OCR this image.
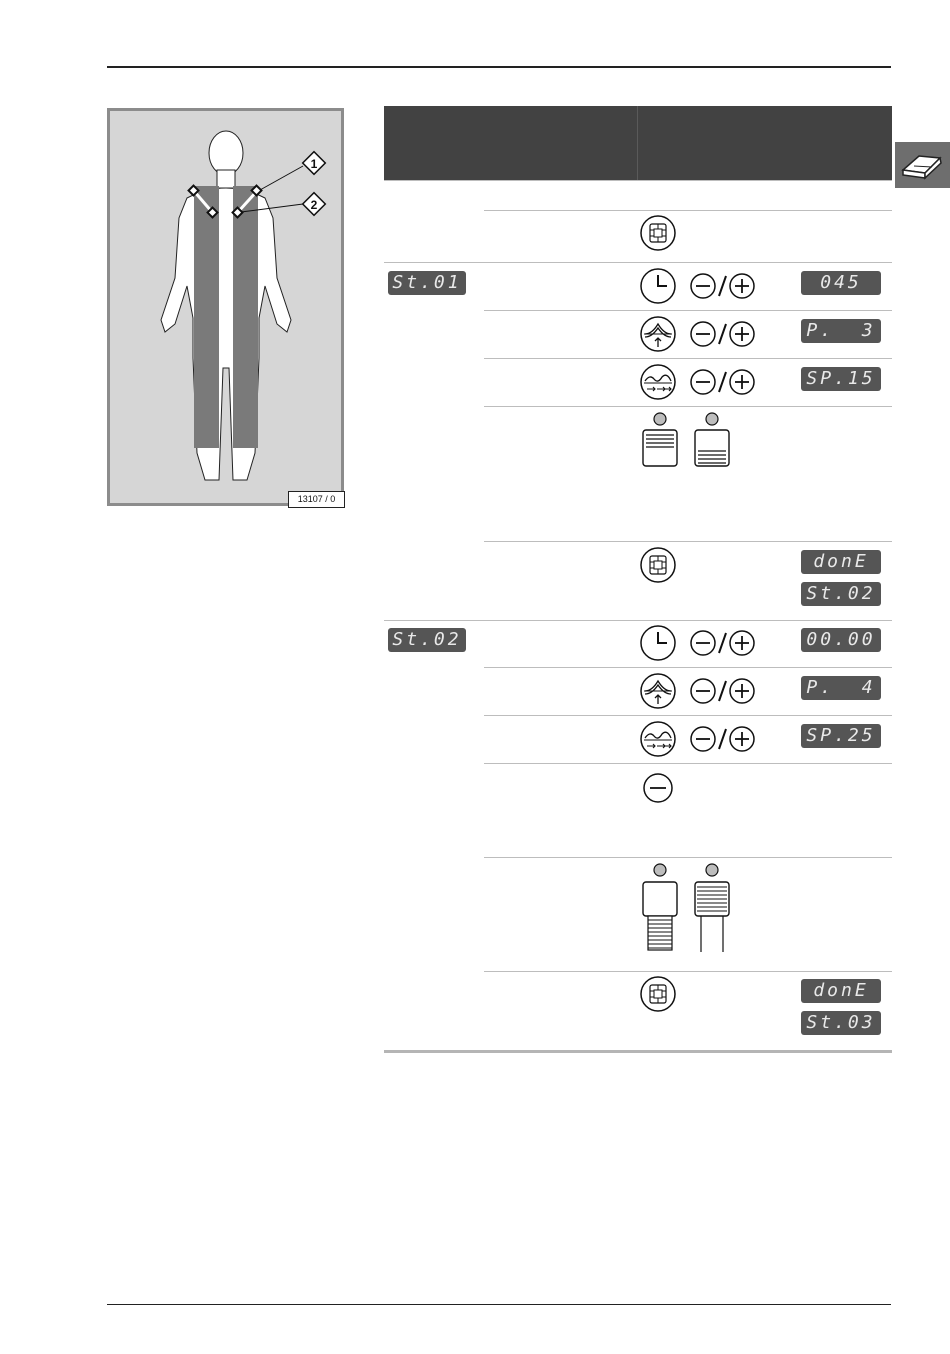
1
2
13107 / 0
St.01
St.02
045
P.  3
SP.15
donE
St.02
00.00
P.  4
SP.25
donE
St.03
